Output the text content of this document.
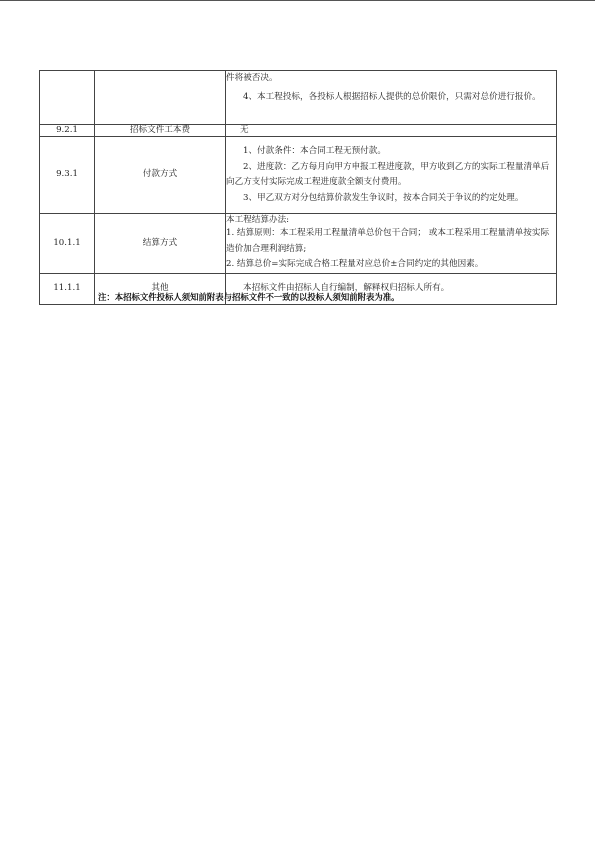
		件将被否决。

4、本工程投标，各投标人根据招标人提供的总价限价，只需对总价进行报价。

9.2.1	招标文件工本费	无

9.3.1	付款方式	1、付款条件：本合同工程无预付款。

2、进度款：乙方每月向甲方申报工程进度款，甲方收到乙方的实际工程量清单后向乙方支付实际完成工程进度款全额支付费用。

3、甲乙双方对分包结算价款发生争议时，按本合同关于争议的约定处理。

10.1.1	结算方式	本工程结算办法:

1. 结算原则：本工程采用工程量清单总价包干合同； 或本工程采用工程量清单按实际造价加合理利润结算;

2. 结算总价=实际完成合格工程量对应总价±合同约定的其他因素。

11.1.1	其他	本招标文件由招标人自行编制，解释权归招标人所有。

注：本招标文件投标人须知前附表与招标文件不一致的以投标人须知前附表为准。
